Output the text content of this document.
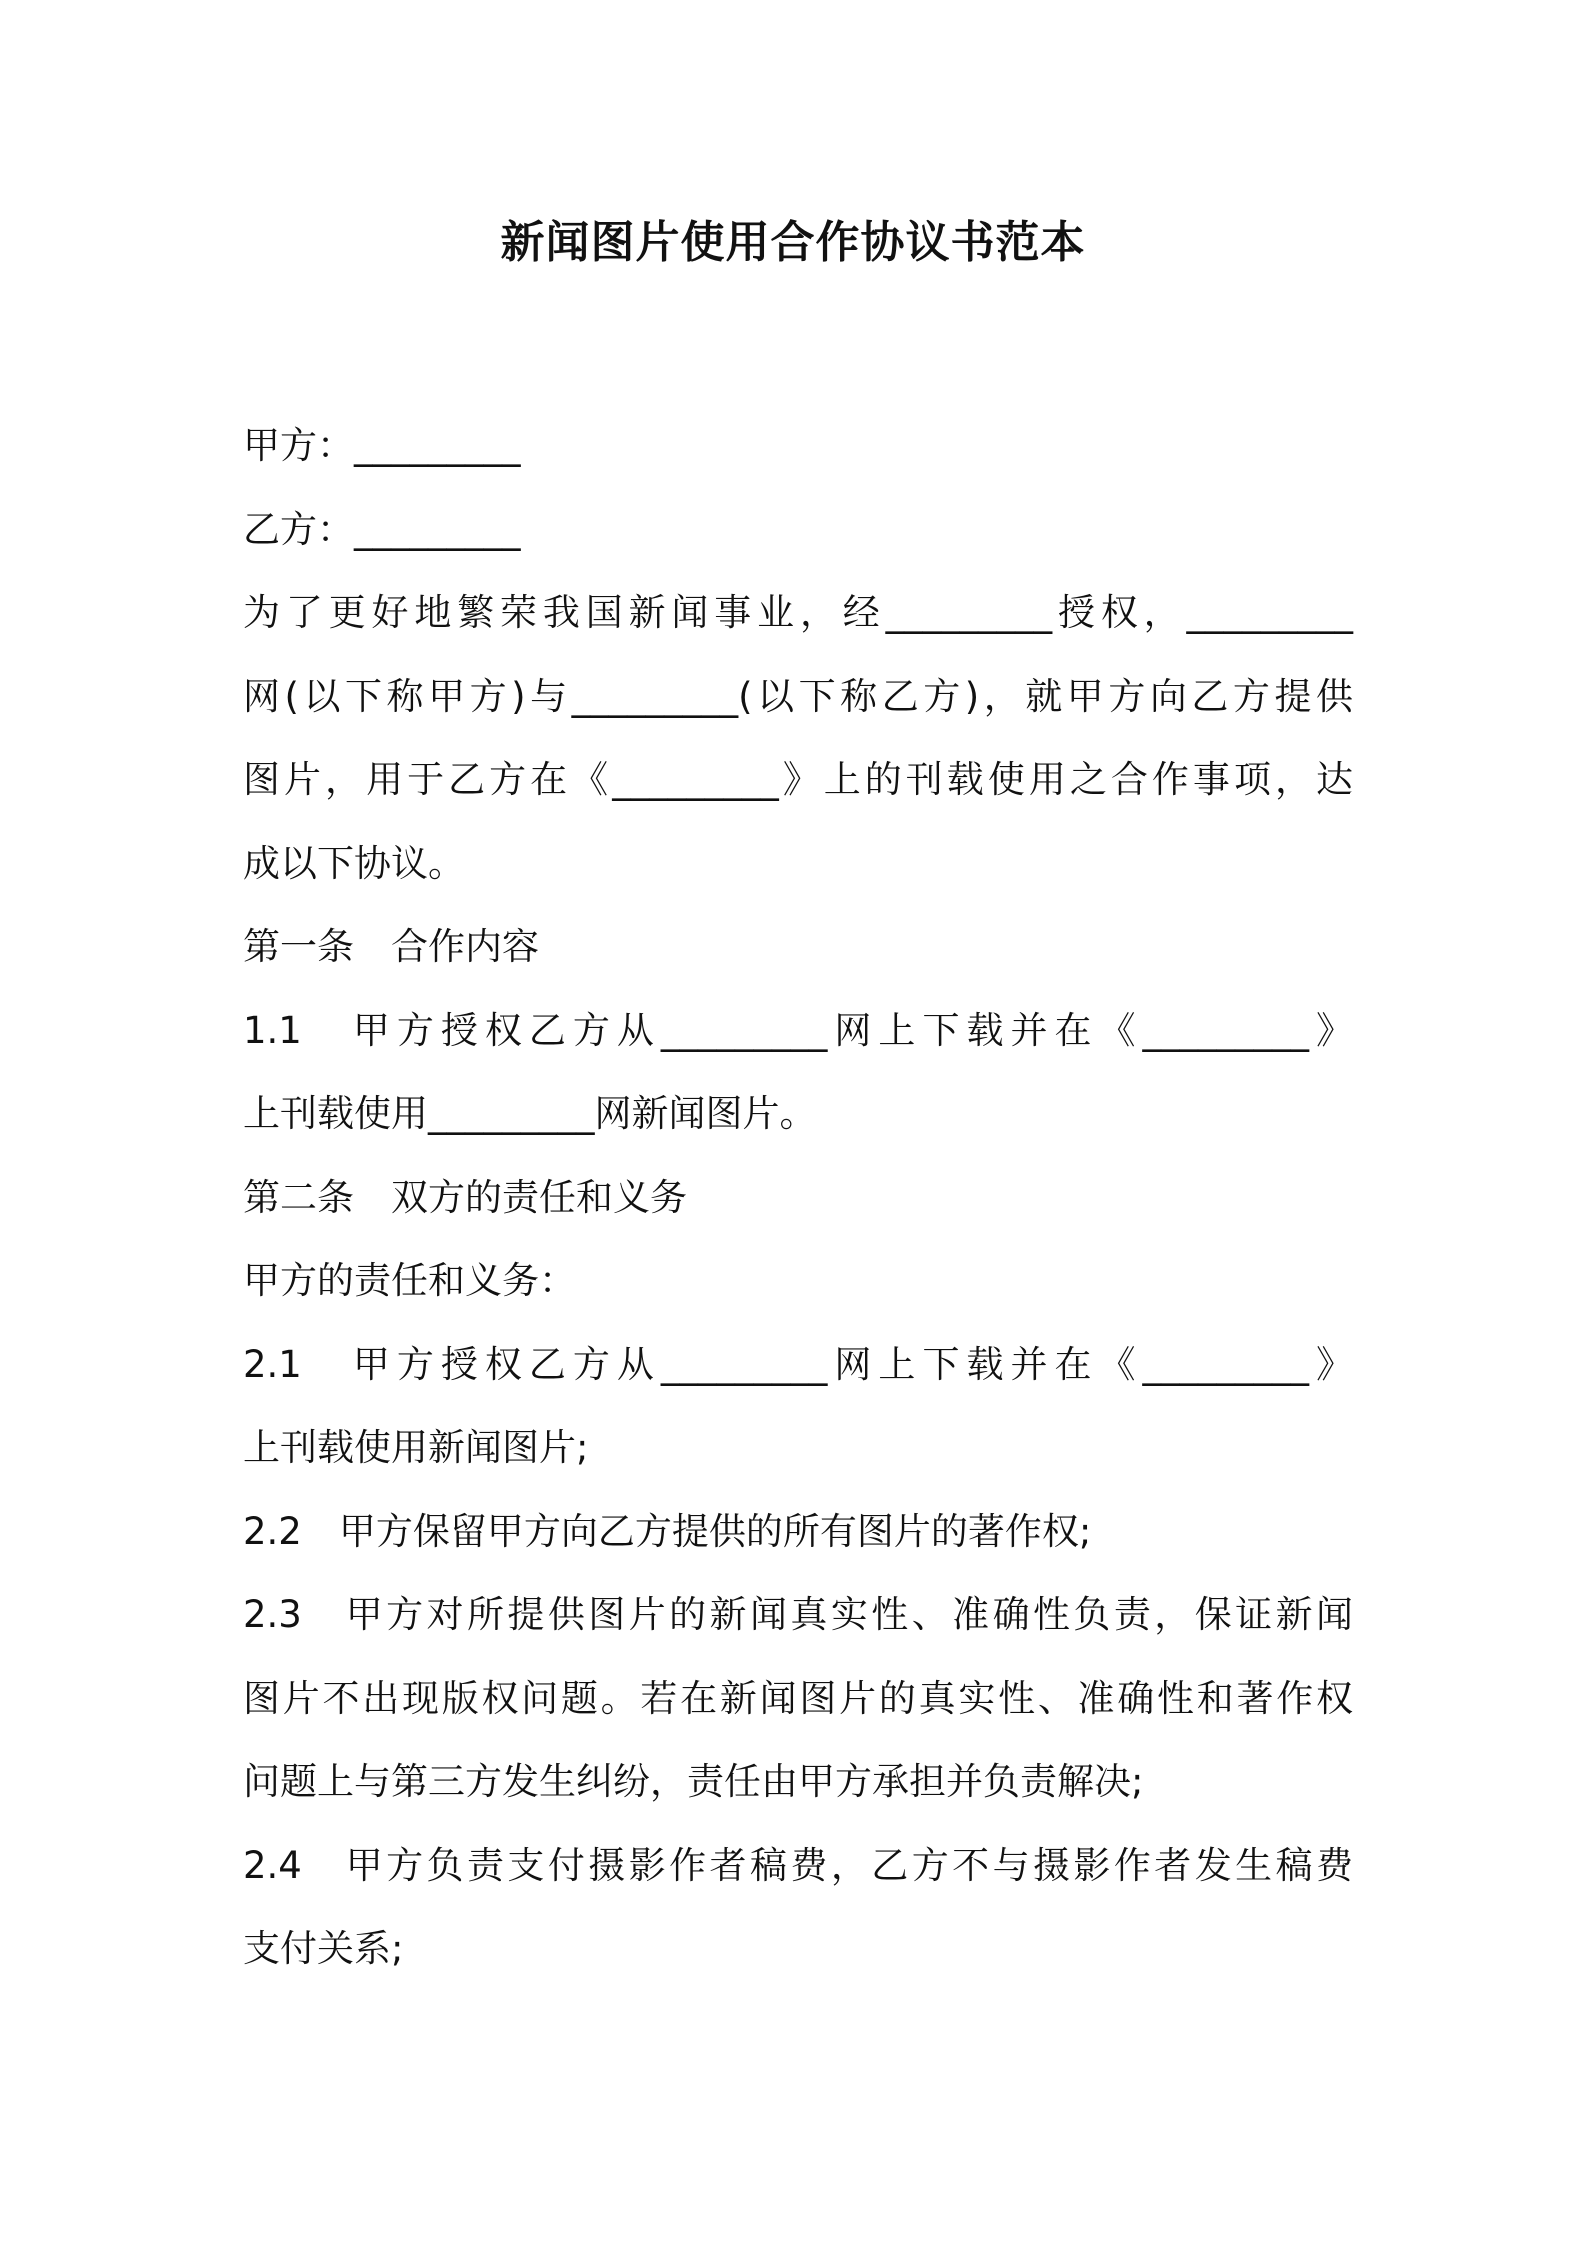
新闻图片使用合作协议书范本
甲方：_________
乙方：_________
为了更好地繁荣我国新闻事业，经_________授权，_________
网(以下称甲方)与_________(以下称乙方)，就甲方向乙方提供
图片，用于乙方在《_________》上的刊载使用之合作事项，达
成以下协议。
第一条　合作内容
1.1　甲方授权乙方从_________网上下载并在《_________》
上刊载使用_________网新闻图片。
第二条　双方的责任和义务
甲方的责任和义务：
2.1　甲方授权乙方从_________网上下载并在《_________》
上刊载使用新闻图片;
2.2　甲方保留甲方向乙方提供的所有图片的著作权;
2.3　甲方对所提供图片的新闻真实性、准确性负责，保证新闻
图片不出现版权问题。若在新闻图片的真实性、准确性和著作权
问题上与第三方发生纠纷，责任由甲方承担并负责解决;
2.4　甲方负责支付摄影作者稿费，乙方不与摄影作者发生稿费
支付关系;
